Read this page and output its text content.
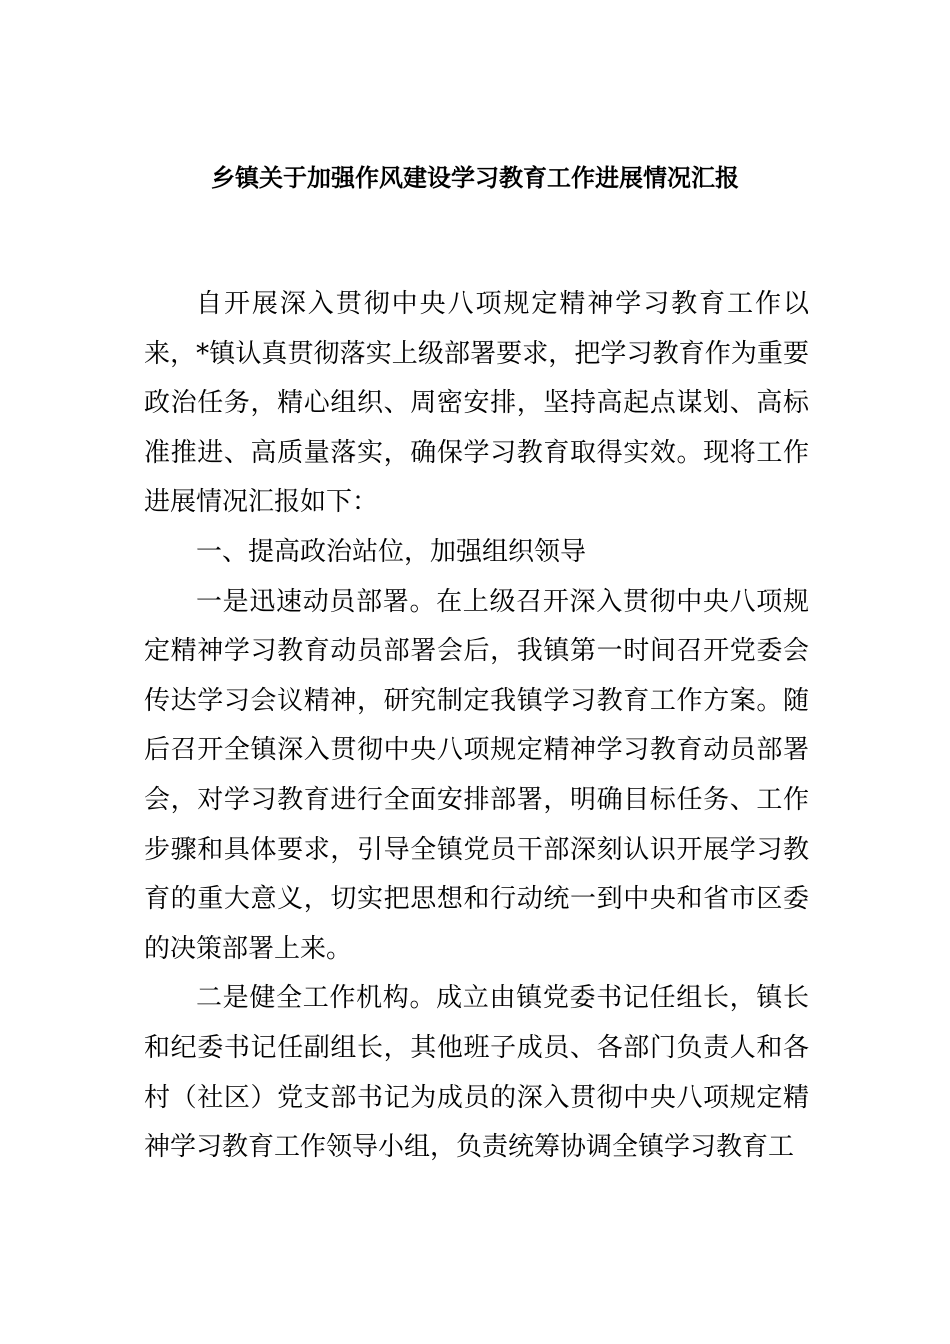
乡镇关于加强作风建设学习教育工作进展情况汇报

自开展深入贯彻中央八项规定精神学习教育工作以来，*镇认真贯彻落实上级部署要求，把学习教育作为重要政治任务，精心组织、周密安排，坚持高起点谋划、高标准推进、高质量落实，确保学习教育取得实效。现将工作进展情况汇报如下：

一、提高政治站位，加强组织领导

一是迅速动员部署。在上级召开深入贯彻中央八项规定精神学习教育动员部署会后，我镇第一时间召开党委会传达学习会议精神，研究制定我镇学习教育工作方案。随后召开全镇深入贯彻中央八项规定精神学习教育动员部署会，对学习教育进行全面安排部署，明确目标任务、工作步骤和具体要求，引导全镇党员干部深刻认识开展学习教育的重大意义，切实把思想和行动统一到中央和省市区委的决策部署上来。

二是健全工作机构。成立由镇党委书记任组长，镇长和纪委书记任副组长，其他班子成员、各部门负责人和各村（社区）党支部书记为成员的深入贯彻中央八项规定精神学习教育工作领导小组，负责统筹协调全镇学习教育工
